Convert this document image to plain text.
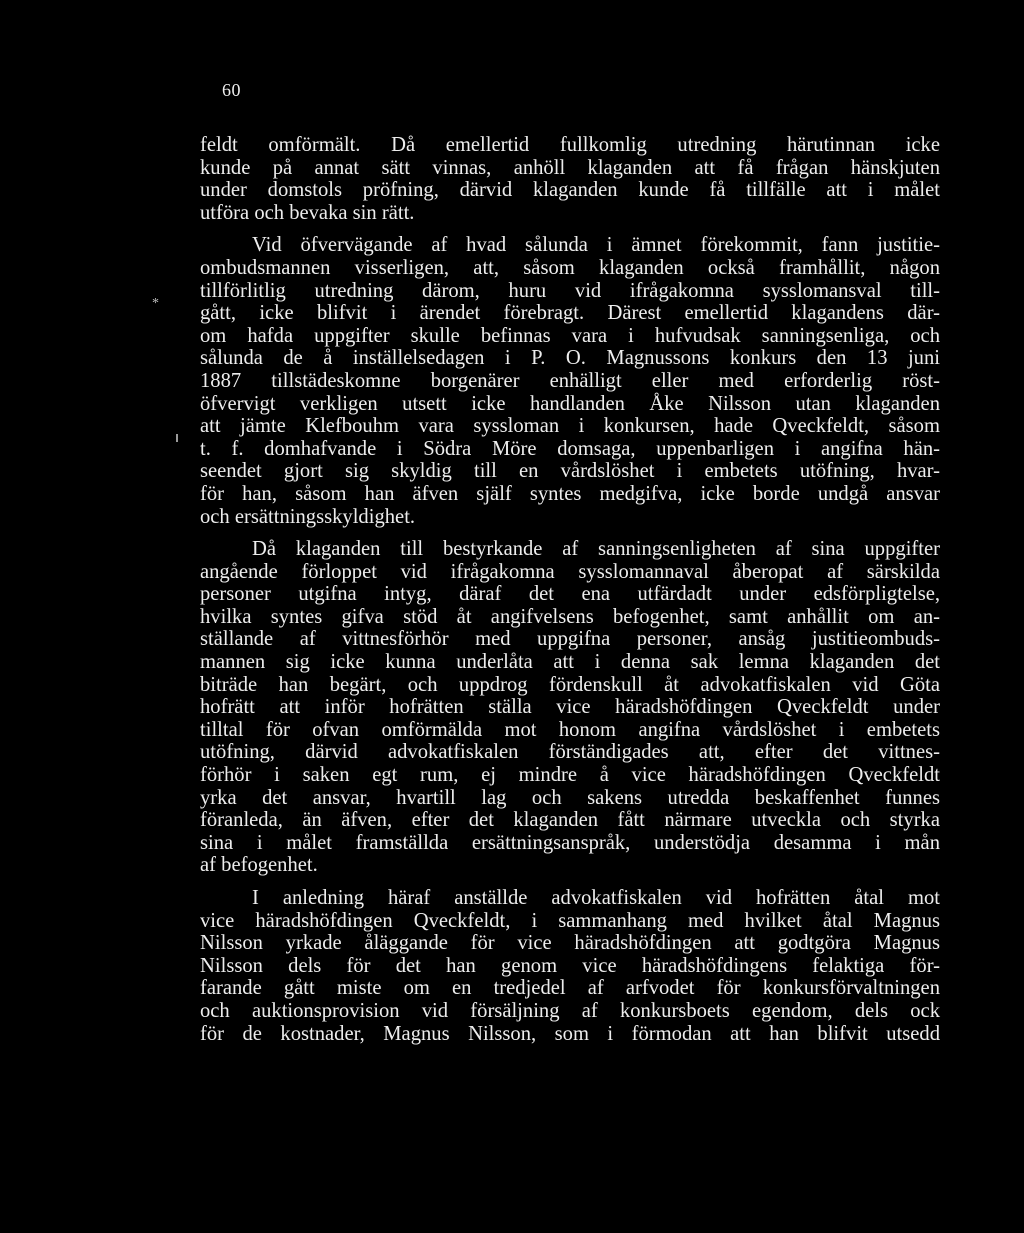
60
*
feldt omförmält. Då emellertid fullkomlig utredning härutinnan icke
kunde på annat sätt vinnas, anhöll klaganden att få frågan hänskjuten
under domstols pröfning, därvid klaganden kunde få tillfälle att i målet
utföra och bevaka sin rätt.
Vid öfvervägande af hvad sålunda i ämnet förekommit, fann justitie-
ombudsmannen visserligen, att, såsom klaganden också framhållit, någon
tillförlitlig utredning därom, huru vid ifrågakomna sysslomansval till-
gått, icke blifvit i ärendet förebragt. Därest emellertid klagandens där-
om hafda uppgifter skulle befinnas vara i hufvudsak sanningsenliga, och
sålunda de å inställelsedagen i P. O. Magnussons konkurs den 13 juni
1887 tillstädeskomne borgenärer enhälligt eller med erforderlig röst-
öfvervigt verkligen utsett icke handlanden Åke Nilsson utan klaganden
att jämte Klefbouhm vara syssloman i konkursen, hade Qveckfeldt, såsom
t. f. domhafvande i Södra Möre domsaga, uppenbarligen i angifna hän-
seendet gjort sig skyldig till en vårdslöshet i embetets utöfning, hvar-
för han, såsom han äfven själf syntes medgifva, icke borde undgå ansvar
och ersättningsskyldighet.
Då klaganden till bestyrkande af sanningsenligheten af sina uppgifter
angående förloppet vid ifrågakomna sysslomannaval åberopat af särskilda
personer utgifna intyg, däraf det ena utfärdadt under edsförpligtelse,
hvilka syntes gifva stöd åt angifvelsens befogenhet, samt anhållit om an-
ställande af vittnesförhör med uppgifna personer, ansåg justitieombuds-
mannen sig icke kunna underlåta att i denna sak lemna klaganden det
biträde han begärt, och uppdrog fördenskull åt advokatfiskalen vid Göta
hofrätt att inför hofrätten ställa vice häradshöfdingen Qveckfeldt under
tilltal för ofvan omförmälda mot honom angifna vårdslöshet i embetets
utöfning, därvid advokatfiskalen förständigades att, efter det vittnes-
förhör i saken egt rum, ej mindre å vice häradshöfdingen Qveckfeldt
yrka det ansvar, hvartill lag och sakens utredda beskaffenhet funnes
föranleda, än äfven, efter det klaganden fått närmare utveckla och styrka
sina i målet framställda ersättningsanspråk, understödja desamma i mån
af befogenhet.
I anledning häraf anställde advokatfiskalen vid hofrätten åtal mot
vice häradshöfdingen Qveckfeldt, i sammanhang med hvilket åtal Magnus
Nilsson yrkade åläggande för vice häradshöfdingen att godtgöra Magnus
Nilsson dels för det han genom vice häradshöfdingens felaktiga för-
farande gått miste om en tredjedel af arfvodet för konkursförvaltningen
och auktionsprovision vid försäljning af konkursboets egendom, dels ock
för de kostnader, Magnus Nilsson, som i förmodan att han blifvit utsedd
